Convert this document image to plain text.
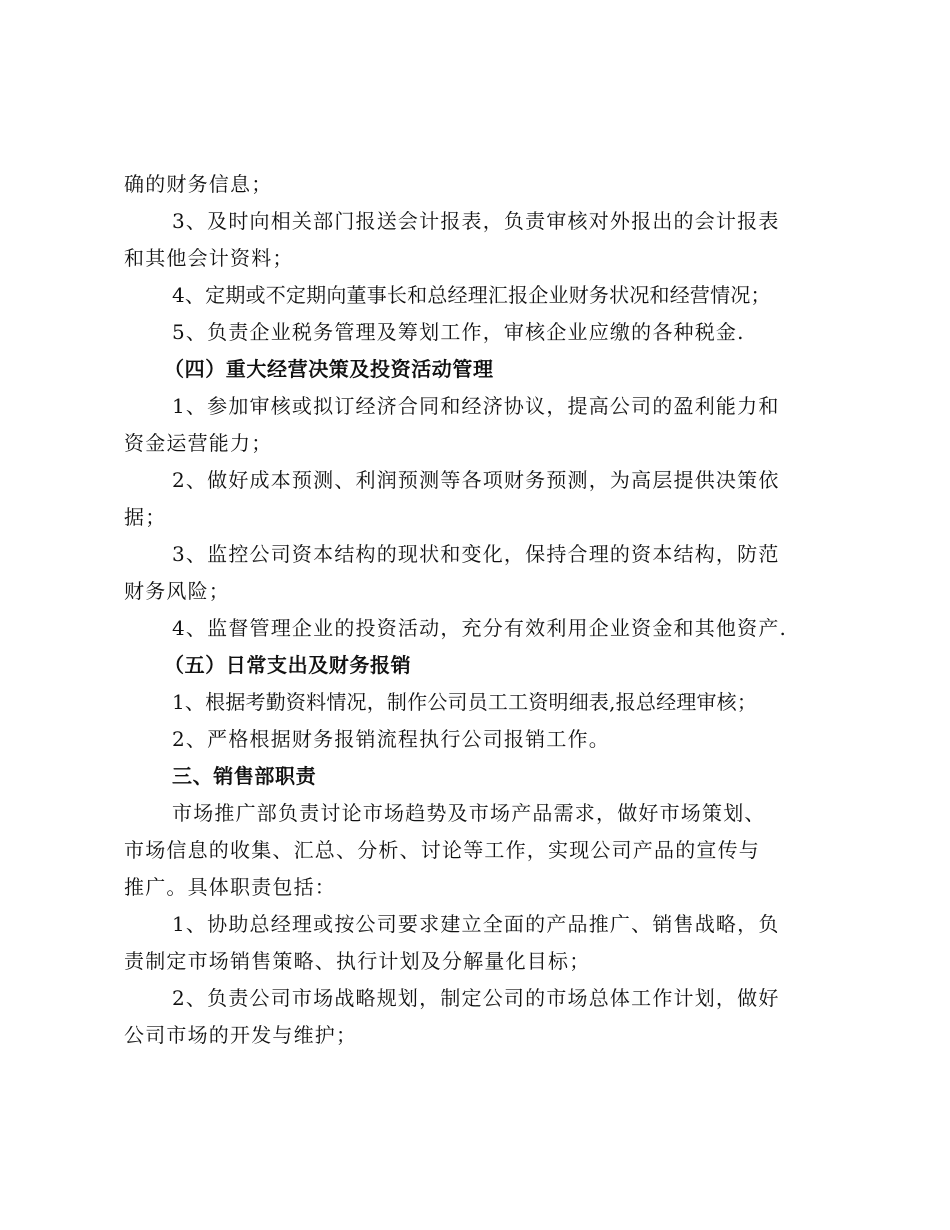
确的财务信息；
3、及时向相关部门报送会计报表，负责审核对外报出的会计报表
和其他会计资料；
4、定期或不定期向董事长和总经理汇报企业财务状况和经营情况；
5、负责企业税务管理及筹划工作，审核企业应缴的各种税金.
（四）重大经营决策及投资活动管理
1、参加审核或拟订经济合同和经济协议，提高公司的盈利能力和
资金运营能力；
2、做好成本预测、利润预测等各项财务预测，为高层提供决策依
据；
3、监控公司资本结构的现状和变化，保持合理的资本结构，防范
财务风险；
4、监督管理企业的投资活动，充分有效利用企业资金和其他资产.
（五）日常支出及财务报销
1、根据考勤资料情况，制作公司员工工资明细表,报总经理审核；
2、严格根据财务报销流程执行公司报销工作。
三、销售部职责
市场推广部负责讨论市场趋势及市场产品需求，做好市场策划、
市场信息的收集、汇总、分析、讨论等工作，实现公司产品的宣传与
推广。具体职责包括：
1、协助总经理或按公司要求建立全面的产品推广、销售战略，负
责制定市场销售策略、执行计划及分解量化目标；
2、负责公司市场战略规划，制定公司的市场总体工作计划，做好
公司市场的开发与维护；
